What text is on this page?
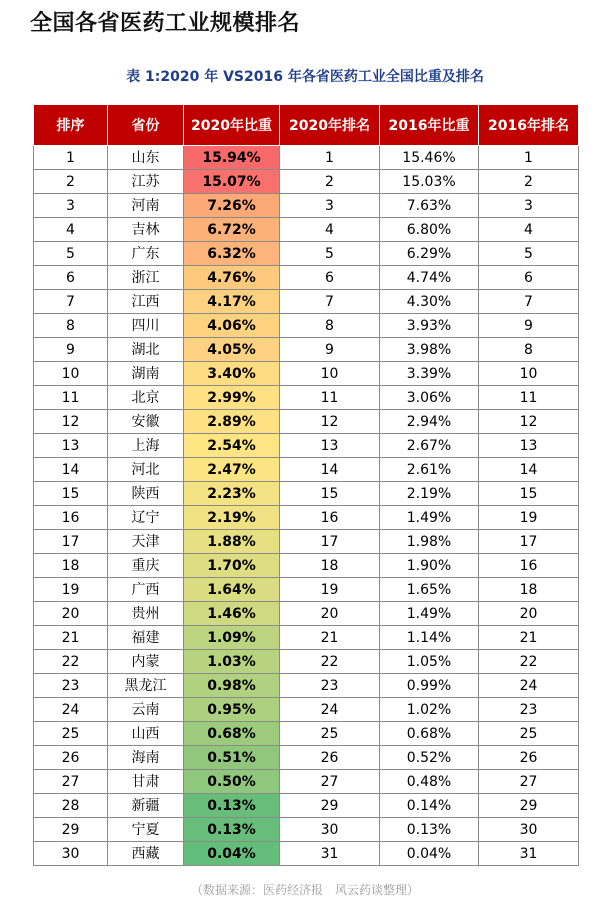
全国各省医药工业规模排名
表 1:2020 年 VS2016 年各省医药工业全国比重及排名
排序	省份	2020年比重	2020年排名	2016年比重	2016年排名
1	山东	15.94%	1	15.46%	1
2	江苏	15.07%	2	15.03%	2
3	河南	7.26%	3	7.63%	3
4	吉林	6.72%	4	6.80%	4
5	广东	6.32%	5	6.29%	5
6	浙江	4.76%	6	4.74%	6
7	江西	4.17%	7	4.30%	7
8	四川	4.06%	8	3.93%	9
9	湖北	4.05%	9	3.98%	8
10	湖南	3.40%	10	3.39%	10
11	北京	2.99%	11	3.06%	11
12	安徽	2.89%	12	2.94%	12
13	上海	2.54%	13	2.67%	13
14	河北	2.47%	14	2.61%	14
15	陕西	2.23%	15	2.19%	15
16	辽宁	2.19%	16	1.49%	19
17	天津	1.88%	17	1.98%	17
18	重庆	1.70%	18	1.90%	16
19	广西	1.64%	19	1.65%	18
20	贵州	1.46%	20	1.49%	20
21	福建	1.09%	21	1.14%	21
22	内蒙	1.03%	22	1.05%	22
23	黑龙江	0.98%	23	0.99%	24
24	云南	0.95%	24	1.02%	23
25	山西	0.68%	25	0.68%	25
26	海南	0.51%	26	0.52%	26
27	甘肃	0.50%	27	0.48%	27
28	新疆	0.13%	29	0.14%	29
29	宁夏	0.13%	30	0.13%	30
30	西藏	0.04%	31	0.04%	31
（数据来源：医药经济报　风云药谈整理）
